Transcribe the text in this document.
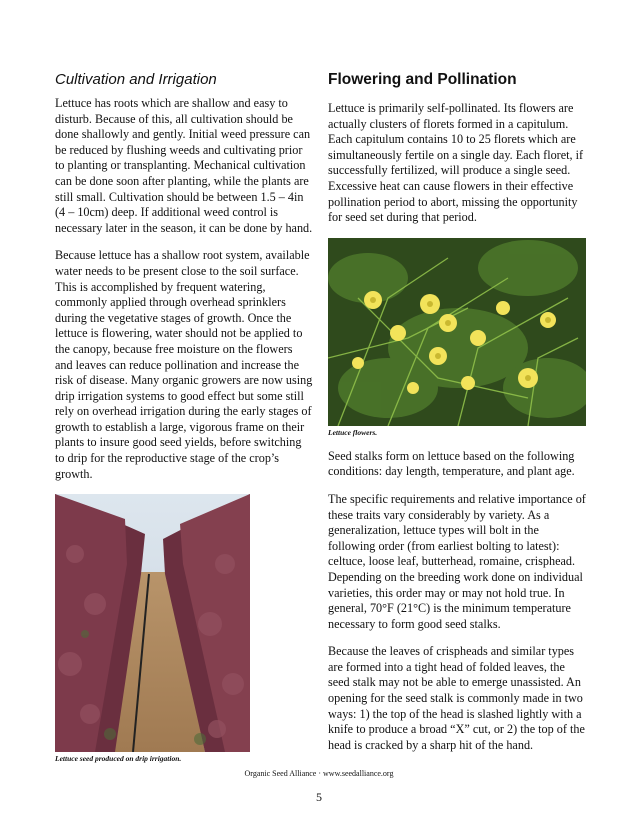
Cultivation and Irrigation

Lettuce has roots which are shallow and easy to disturb. Because of this, all cultivation should be done shallowly and gently. Initial weed pressure can be reduced by flushing weeds and cultivating prior to planting or transplanting. Mechanical cultivation can be done soon after planting, while the plants are still small. Cultivation should be between 1.5 – 4in (4 – 10cm) deep. If additional weed control is necessary later in the season, it can be done by hand.

Because lettuce has a shallow root system, available water needs to be present close to the soil surface. This is accomplished by frequent watering, commonly applied through overhead sprinklers during the vegetative stages of growth. Once the lettuce is flowering, water should not be applied to the canopy, because free moisture on the flowers and leaves can reduce pollination and increase the risk of disease. Many organic growers are now using drip irrigation systems to good effect but some still rely on overhead irrigation during the early stages of growth to establish a large, vigorous frame on their plants to insure good seed yields, before switching to drip for the reproductive stage of the crop’s growth.

Lettuce seed produced on drip irrigation.
Flowering and Pollination

Lettuce is primarily self-pollinated. Its flowers are actually clusters of florets formed in a capitulum. Each capitulum contains 10 to 25 florets which are simultaneously fertile on a single day. Each floret, if successfully fertilized, will produce a single seed. Excessive heat can cause flowers in their effective pollination period to abort, missing the opportunity for seed set during that period.

Lettuce flowers.

Seed stalks form on lettuce based on the following conditions: day length, temperature, and plant age.

The specific requirements and relative importance of these traits vary considerably by variety. As a generalization, lettuce types will bolt in the following order (from earliest bolting to latest): celtuce, loose leaf, butterhead, romaine, crisphead. Depending on the breeding work done on individual varieties, this order may or may not hold true. In general, 70°F (21°C) is the minimum temperature necessary to form good seed stalks.

Because the leaves of crispheads and similar types are formed into a tight head of folded leaves, the seed stalk may not be able to emerge unassisted. An opening for the seed stalk is commonly made in two ways: 1) the top of the head is slashed lightly with a knife to produce a broad “X” cut, or 2) the top of the head is cracked by a sharp hit of the hand.

Organic Seed Alliance · www.seedalliance.org
5
